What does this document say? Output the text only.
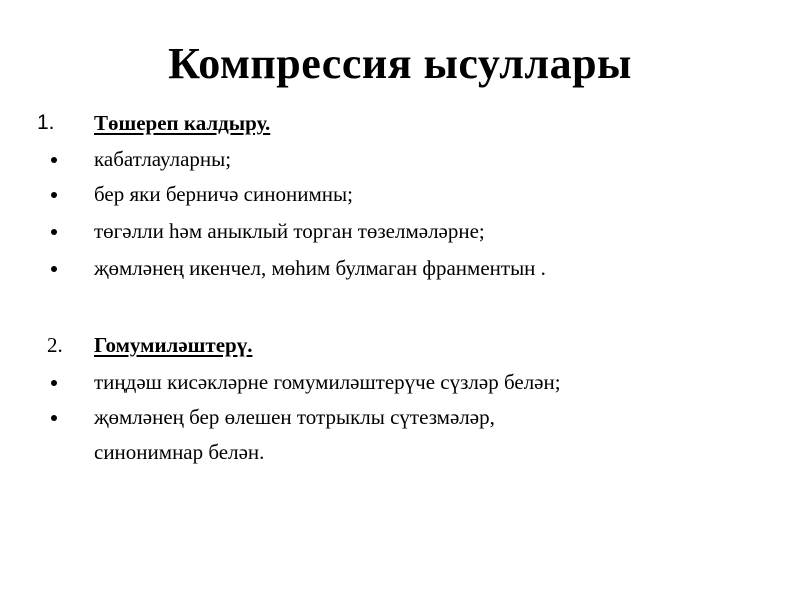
Компрессия ысуллары
1. Төшереп калдыру.
кабатлауларны;
бер яки берничә синонимны;
төгәлли һәм аныклый торган төзелмәләрне;
җөмләнең икенчел, мөһим булмаган франментын .
2. Гомумиләштерү.
тиңдәш кисәкләрне гомумиләштерүче сүзләр белән;
җөмләнең бер өлешен тотрыклы сүтезмәләр,
синонимнар белән.
